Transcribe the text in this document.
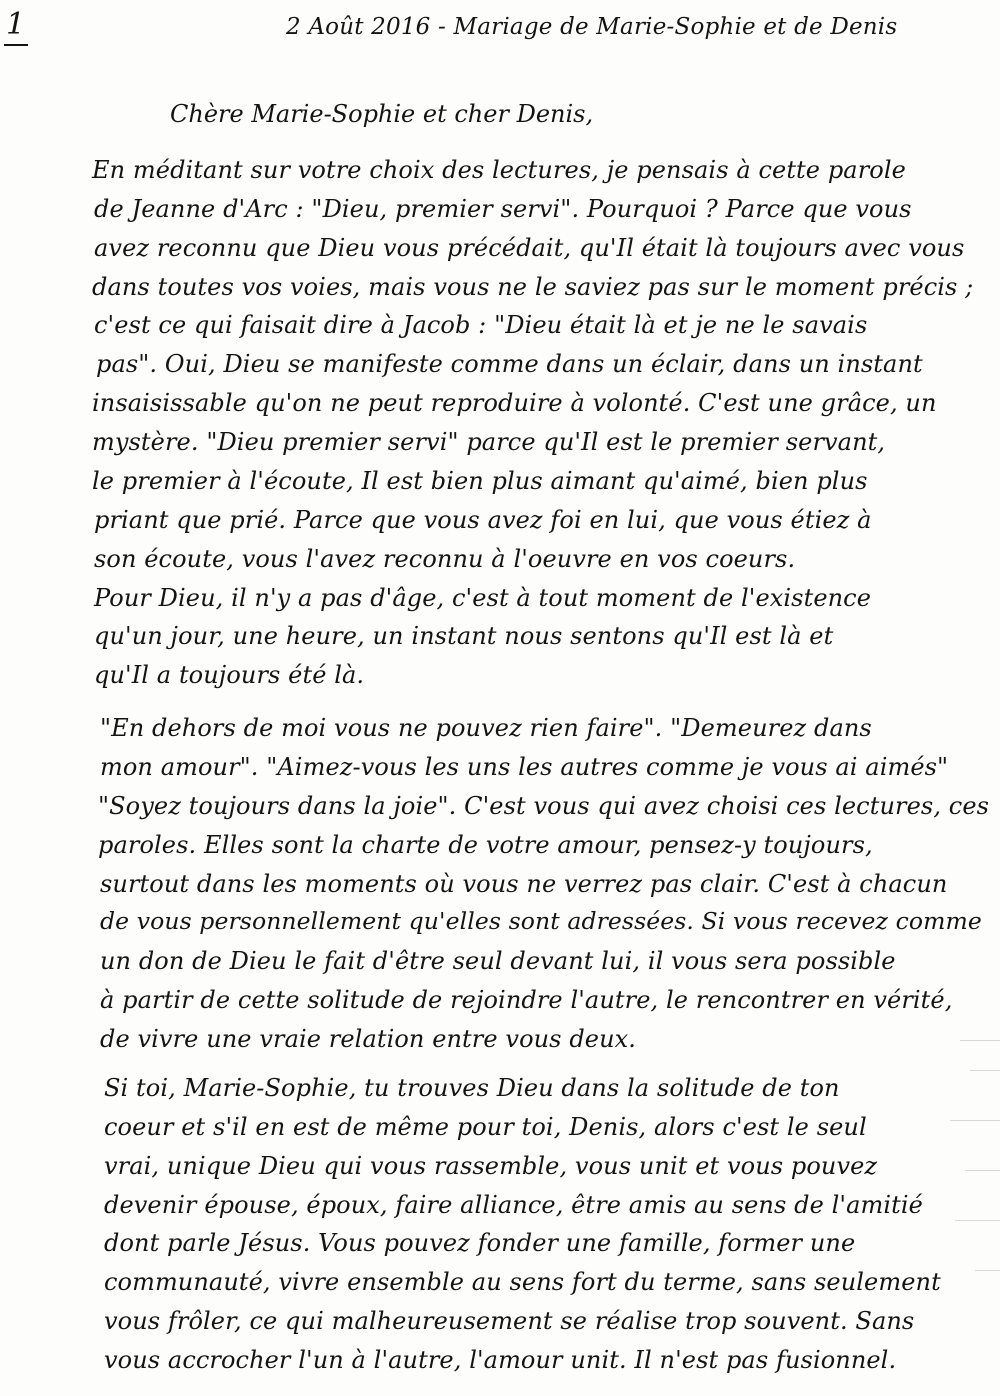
1	2 Août 2016 - Mariage de Marie-Sophie et de Denis
Chère Marie-Sophie et cher Denis,
En méditant sur votre choix des lectures, je pensais à cette parole
de Jeanne d'Arc : "Dieu, premier servi". Pourquoi ? Parce que vous
avez reconnu que Dieu vous précédait, qu'Il était là toujours avec vous
dans toutes vos voies, mais vous ne le saviez pas sur le moment précis ;
c'est ce qui faisait dire à Jacob : "Dieu était là et je ne le savais
pas". Oui, Dieu se manifeste comme dans un éclair, dans un instant
insaisissable qu'on ne peut reproduire à volonté. C'est une grâce, un
mystère. "Dieu premier servi" parce qu'Il est le premier servant,
le premier à l'écoute, Il est bien plus aimant qu'aimé, bien plus
priant que prié. Parce que vous avez foi en lui, que vous étiez à
son écoute, vous l'avez reconnu à l'oeuvre en vos coeurs.
Pour Dieu, il n'y a pas d'âge, c'est à tout moment de l'existence
qu'un jour, une heure, un instant nous sentons qu'Il est là et
qu'Il a toujours été là.
"En dehors de moi vous ne pouvez rien faire". "Demeurez dans
mon amour". "Aimez-vous les uns les autres comme je vous ai aimés"
"Soyez toujours dans la joie". C'est vous qui avez choisi ces lectures, ces
paroles. Elles sont la charte de votre amour, pensez-y toujours,
surtout dans les moments où vous ne verrez pas clair. C'est à chacun
de vous personnellement qu'elles sont adressées. Si vous recevez comme
un don de Dieu le fait d'être seul devant lui, il vous sera possible
à partir de cette solitude de rejoindre l'autre, le rencontrer en vérité,
de vivre une vraie relation entre vous deux.
Si toi, Marie-Sophie, tu trouves Dieu dans la solitude de ton
coeur et s'il en est de même pour toi, Denis, alors c'est le seul
vrai, unique Dieu qui vous rassemble, vous unit et vous pouvez
devenir épouse, époux, faire alliance, être amis au sens de l'amitié
dont parle Jésus. Vous pouvez fonder une famille, former une
communauté, vivre ensemble au sens fort du terme, sans seulement
vous frôler, ce qui malheureusement se réalise trop souvent. Sans
vous accrocher l'un à l'autre, l'amour unit. Il n'est pas fusionnel.
